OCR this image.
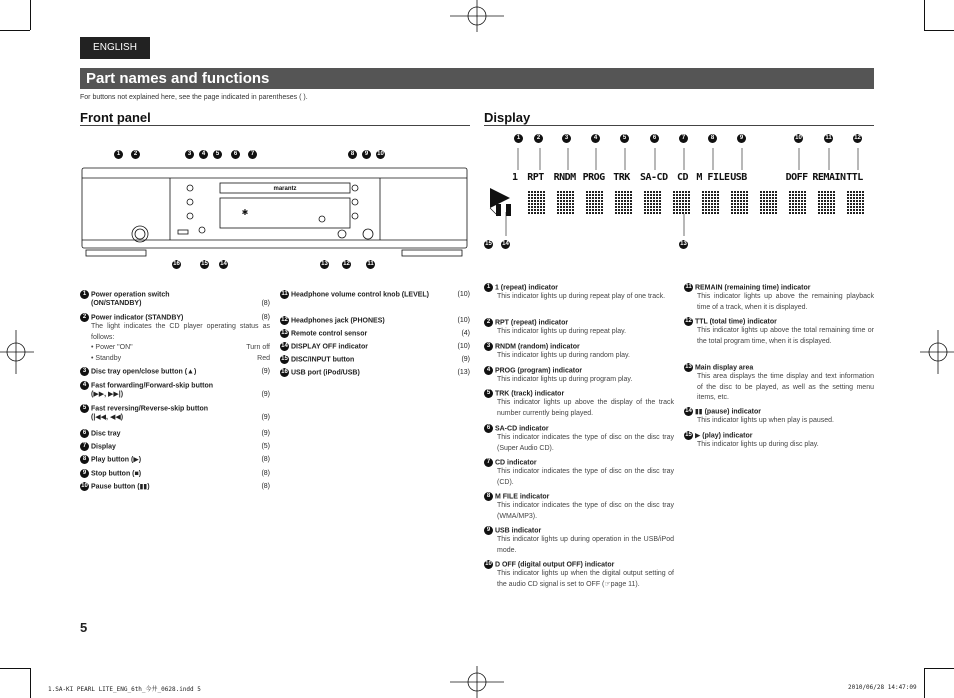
ENGLISH
Part names and functions
For buttons not explained here, see the page indicated in parentheses ( ).
Front panel	Display
1	2	3	4	5	6	7	8	9	10
16	15 14	13	12	11
marantz
✱
1 Power operation switch
(ON/STANDBY)	(8)
2 Power indicator (STANDBY)	(8)
The light indicates the CD player operating status as follows:
• Power "ON"	Turn off
• Standby	Red
3 Disc tray open/close button (▲)	(9)
4 Fast forwarding/Forward-skip button
(▶▶, ▶▶|)	(9)
5 Fast reversing/Reverse-skip button
(|◀◀, ◀◀)	(9)
6 Disc tray	(9)
7 Display	(5)
8 Play button (▶)	(8)
9 Stop button (■)	(8)
10 Pause button (▮▮)	(8)
11 Headphone volume control knob (LEVEL)	(10)
12 Headphones jack (PHONES)	(10)
13 Remote control sensor	(4)
14 DISPLAY OFF indicator	(10)
15 DISC/INPUT button	(9)
16 USB port (iPod/USB)	(13)
1	2	3	4	5	6	7	8	9	10	11	12
1 RPT RNDM PROG TRK SA-CD CD M FILE USB	DOFF REMAIN TTL
15 14	13
1 1 (repeat) indicator
This indicator lights up during repeat play of one track.
2 RPT (repeat) indicator
This indicator lights up during repeat play.
3 RNDM (random) indicator
This indicator lights up during random play.
4 PROG (program) indicator
This indicator lights up during program play.
5 TRK (track) indicator
This indicator lights up above the display of the track number currently being played.
6 SA-CD indicator
This indicator indicates the type of disc on the disc tray (Super Audio CD).
7 CD indicator
This indicator indicates the type of disc on the disc tray (CD).
8 M FILE indicator
This indicator indicates the type of disc on the disc tray (WMA/MP3).
9 USB indicator
This indicator lights up during operation in the USB/iPod mode.
10 D OFF (digital output OFF) indicator
This indicator lights up when the digital output setting of the audio CD signal is set to OFF (☞page 11).
11 REMAIN (remaining time) indicator
This indicator lights up above the remaining playback time of a track, when it is displayed.
12 TTL (total time) indicator
This indicator lights up above the total remaining time or the total program time, when it is displayed.
13 Main display area
This area displays the time display and text information of the disc to be played, as well as the setting menu items, etc.
14 ▮▮ (pause) indicator
This indicator lights up when play is paused.
15 ▶ (play) indicator
This indicator lights up during disc play.
5
1.SA-KI PEARL LITE_ENG_6th_今井_0628.indd 5	2010/06/28 14:47:09
